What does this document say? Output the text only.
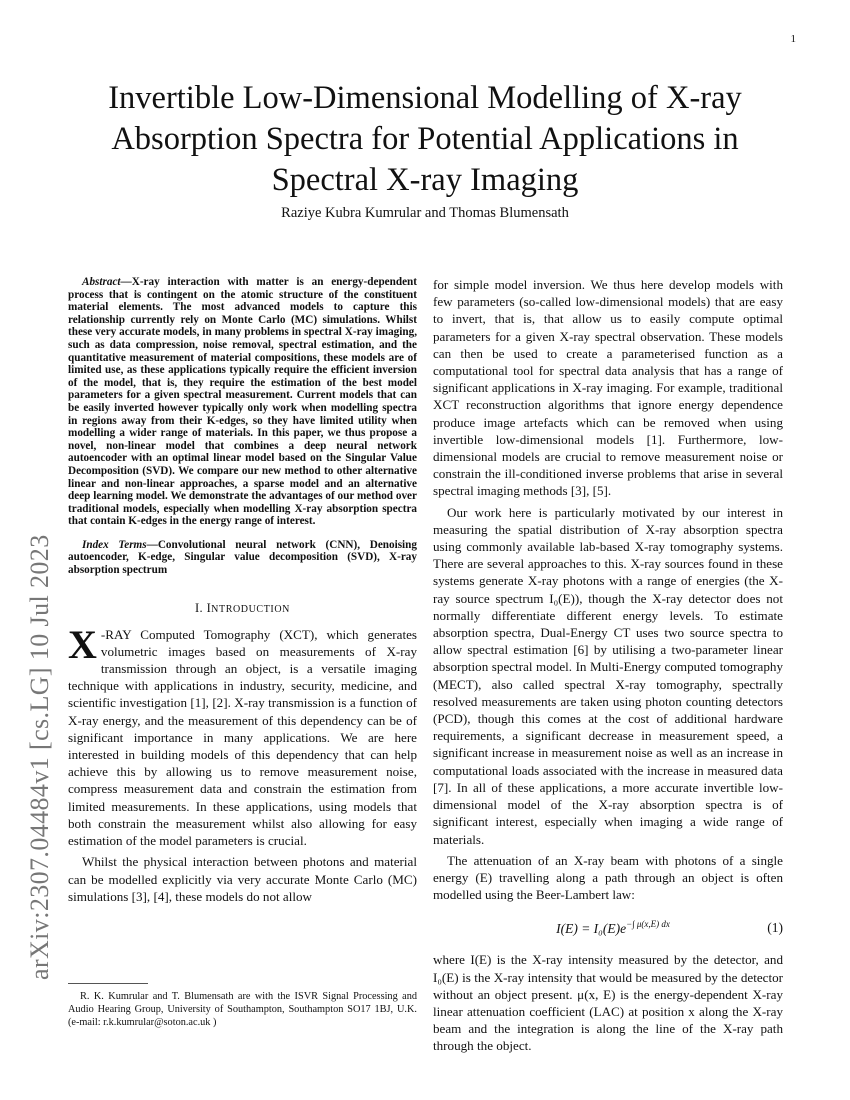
1
arXiv:2307.04484v1 [cs.LG] 10 Jul 2023
Invertible Low-Dimensional Modelling of X-ray Absorption Spectra for Potential Applications in Spectral X-ray Imaging
Raziye Kubra Kumrular and Thomas Blumensath

Abstract—X-ray interaction with matter is an energy-dependent process that is contingent on the atomic structure of the constituent material elements. The most advanced models to capture this relationship currently rely on Monte Carlo (MC) simulations. Whilst these very accurate models, in many problems in spectral X-ray imaging, such as data compression, noise removal, spectral estimation, and the quantitative measurement of material compositions, these models are of limited use, as these applications typically require the efficient inversion of the model, that is, they require the estimation of the best model parameters for a given spectral measurement. Current models that can be easily inverted however typically only work when modelling spectra in regions away from their K-edges, so they have limited utility when modelling a wider range of materials. In this paper, we thus propose a novel, non-linear model that combines a deep neural network autoencoder with an optimal linear model based on the Singular Value Decomposition (SVD). We compare our new method to other alternative linear and non-linear approaches, a sparse model and an alternative deep learning model. We demonstrate the advantages of our method over traditional models, especially when modelling X-ray absorption spectra that contain K-edges in the energy range of interest.

Index Terms—Convolutional neural network (CNN), Denoising autoencoder, K-edge, Singular value decomposition (SVD), X-ray absorption spectrum

I. INTRODUCTION

X -RAY Computed Tomography (XCT), which generates volumetric images based on measurements of X-ray transmission through an object, is a versatile imaging technique with applications in industry, security, medicine, and scientific investigation [1], [2]. X-ray transmission is a function of X-ray energy, and the measurement of this dependency can be of significant importance in many applications. We are here interested in building models of this dependency that can help achieve this by allowing us to remove measurement noise, compress measurement data and constrain the estimation from limited measurements. In these applications, using models that both constrain the measurement whilst also allowing for easy estimation of the model parameters is crucial.

Whilst the physical interaction between photons and material can be modelled explicitly via very accurate Monte Carlo (MC) simulations [3], [4], these models do not allow

for simple model inversion. We thus here develop models with few parameters (so-called low-dimensional models) that are easy to invert, that is, that allow us to easily compute optimal parameters for a given X-ray spectral observation. These models can then be used to create a parameterised function as a computational tool for spectral data analysis that has a range of significant applications in X-ray imaging. For example, traditional XCT reconstruction algorithms that ignore energy dependence produce image artefacts which can be removed when using invertible low-dimensional models [1]. Furthermore, low-dimensional models are crucial to remove measurement noise or constrain the ill-conditioned inverse problems that arise in several spectral imaging methods [3], [5].

Our work here is particularly motivated by our interest in measuring the spatial distribution of X-ray absorption spectra using commonly available lab-based X-ray tomography systems. There are several approaches to this. X-ray sources found in these systems generate X-ray photons with a range of energies (the X-ray source spectrum I₀(E)), though the X-ray detector does not normally differentiate different energy levels. To estimate absorption spectra, Dual-Energy CT uses two source spectra to allow spectral estimation [6] by utilising a two-parameter linear absorption spectral model. In Multi-Energy computed tomography (MECT), also called spectral X-ray tomography, spectrally resolved measurements are taken using photon counting detectors (PCD), though this comes at the cost of additional hardware requirements, a significant decrease in measurement speed, a significant increase in measurement noise as well as an increase in computational loads associated with the increase in measured data [7]. In all of these applications, a more accurate invertible low-dimensional model of the X-ray absorption spectra is of significant interest, especially when imaging a wide range of materials.

The attenuation of an X-ray beam with photons of a single energy (E) travelling along a path through an object is often modelled using the Beer-Lambert law:

$I(E) = I_0(E)e^{-\int \mu(x,E) dx}$	(1)

where I(E) is the X-ray intensity measured by the detector, and I₀(E) is the X-ray intensity that would be measured by the detector without an object present. μ(x, E) is the energy-dependent X-ray linear attenuation coefficient (LAC) at position x along the X-ray beam and the integration is along the line of the X-ray path through the object.

R. K. Kumrular and T. Blumensath are with the ISVR Signal Processing and Audio Hearing Group, University of Southampton, Southampton SO17 1BJ, U.K. (e-mail: r.k.kumrular@soton.ac.uk )
